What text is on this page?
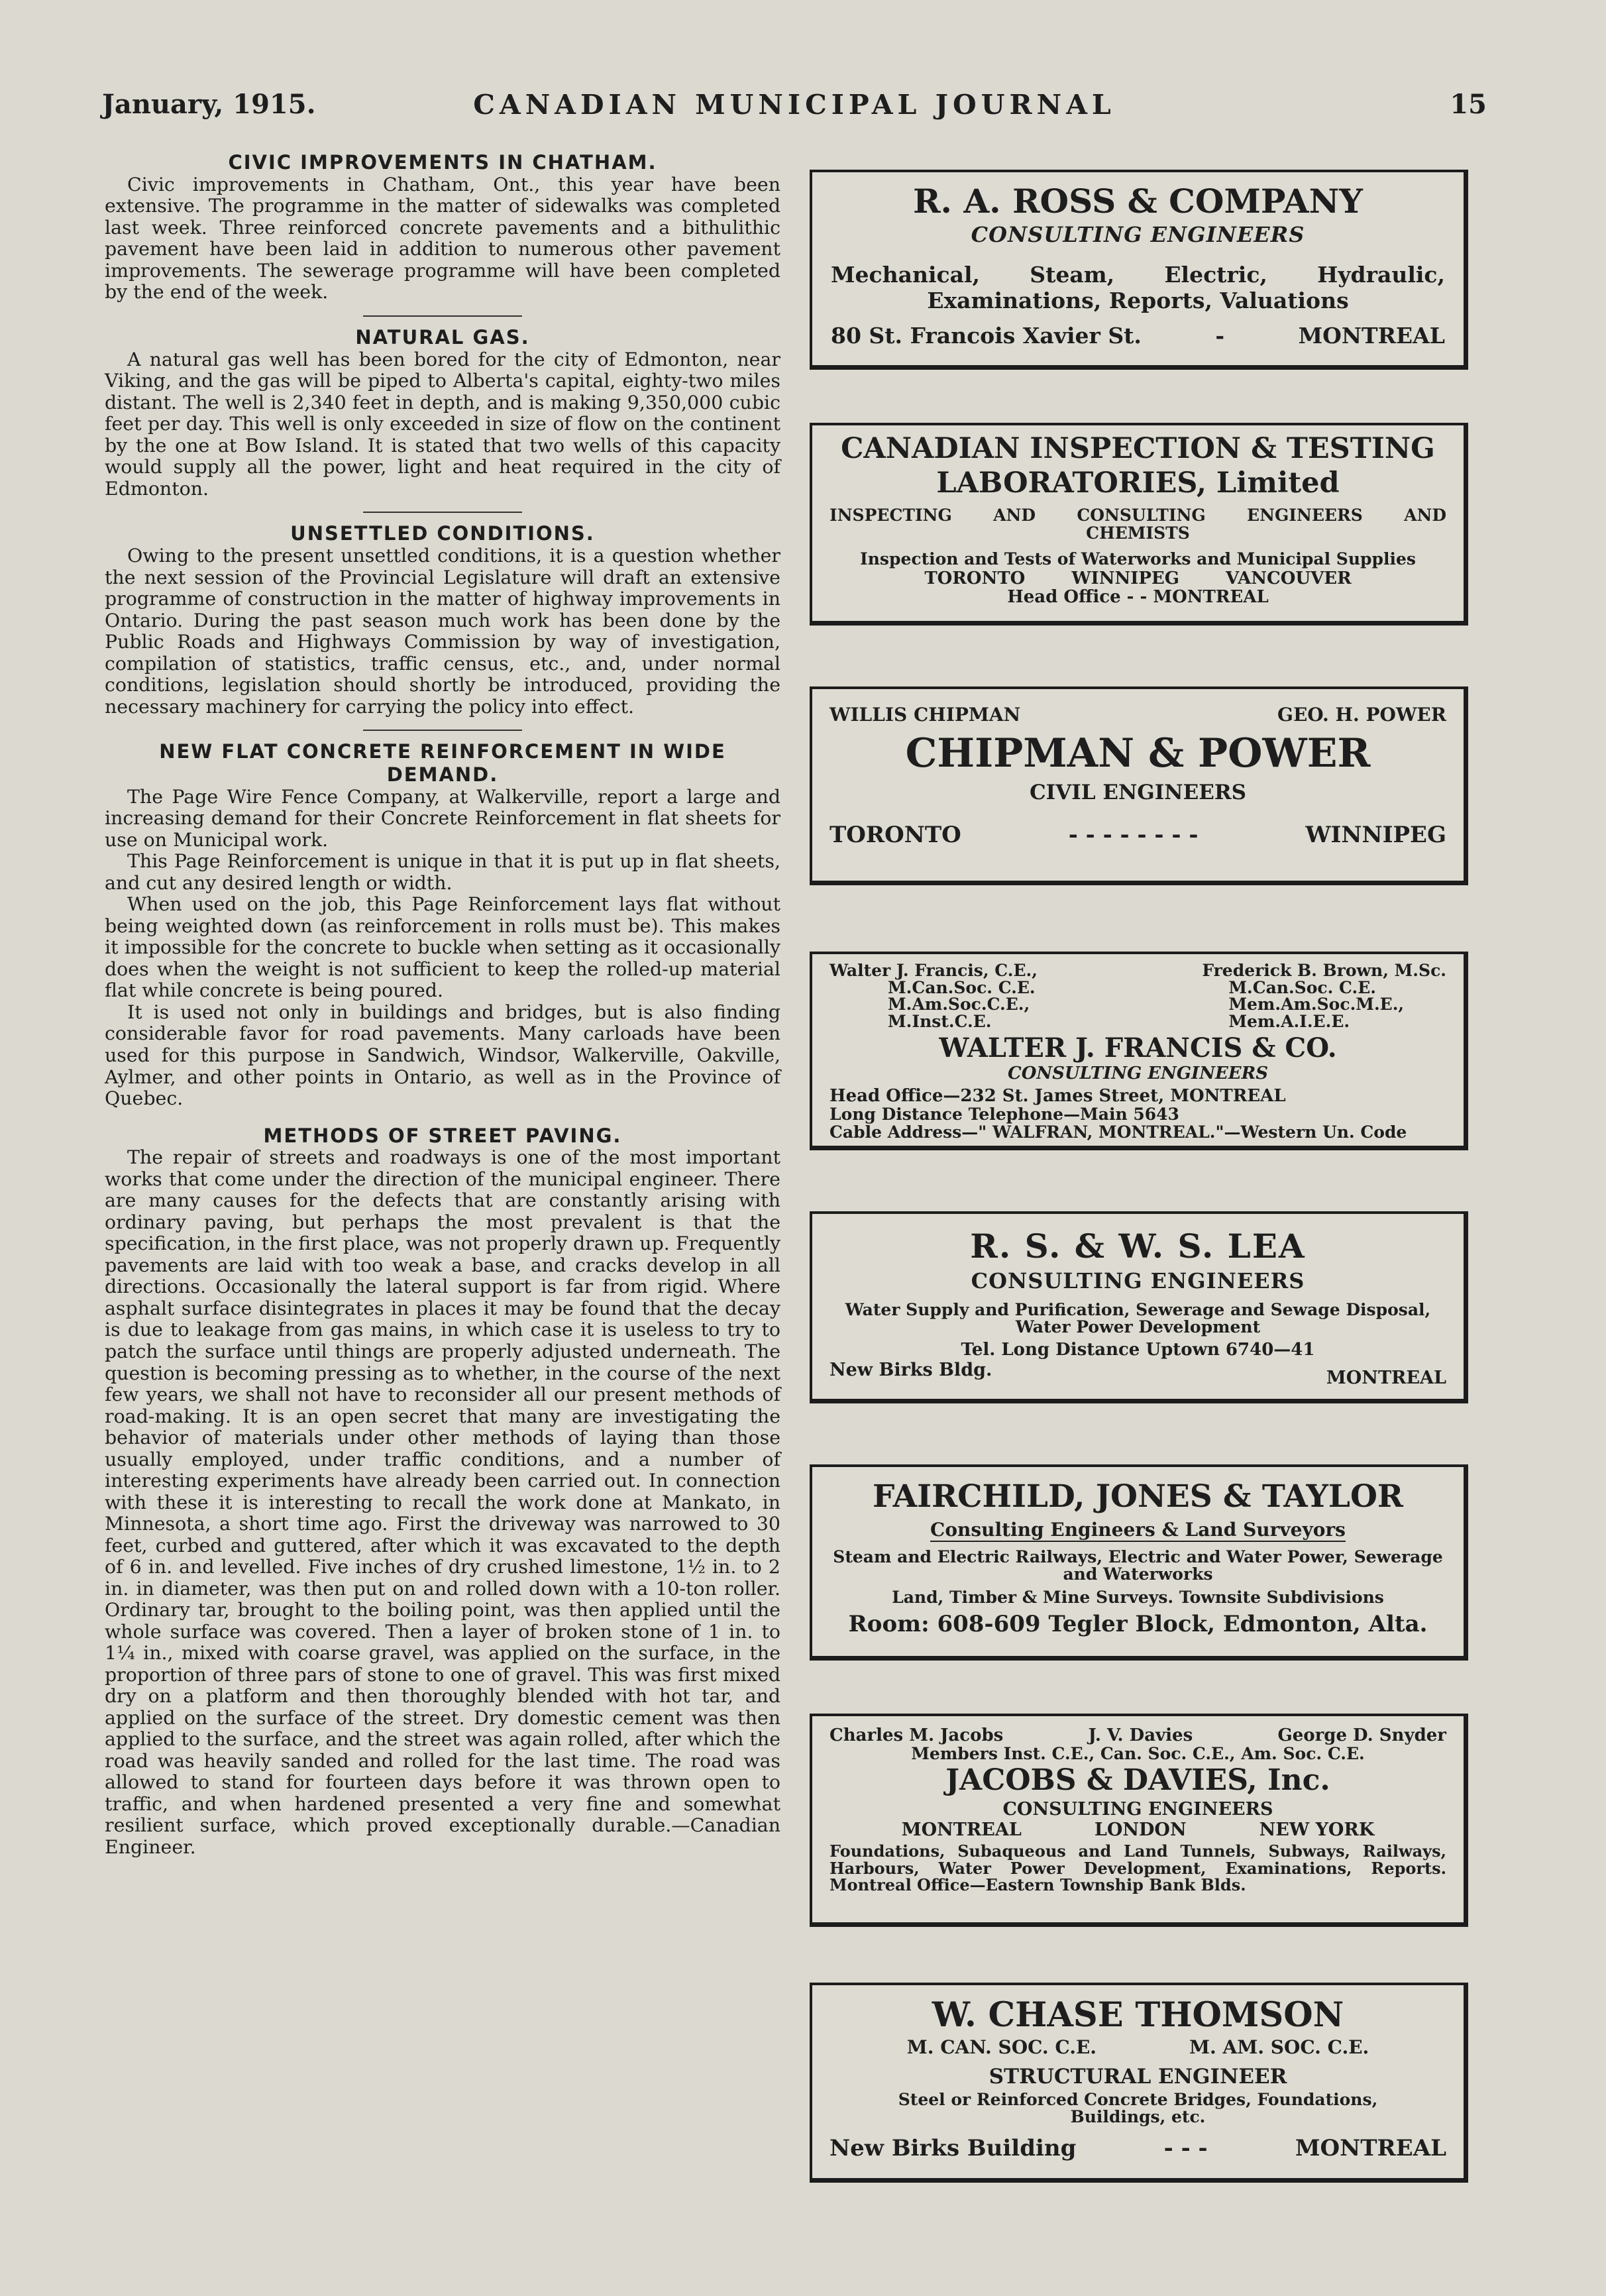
January, 1915.	CANADIAN MUNICIPAL JOURNAL	15
CIVIC IMPROVEMENTS IN CHATHAM.

Civic improvements in Chatham, Ont., this year have been extensive. The programme in the matter of sidewalks was completed last week. Three reinforced concrete pavements and a bithulithic pavement have been laid in addition to numerous other pavement improvements. The sewerage programme will have been completed by the end of the week.

NATURAL GAS.

A natural gas well has been bored for the city of Edmonton, near Viking, and the gas will be piped to Alberta's capital, eighty-two miles distant. The well is 2,340 feet in depth, and is making 9,350,000 cubic feet per day. This well is only exceeded in size of flow on the continent by the one at Bow Island. It is stated that two wells of this capacity would supply all the power, light and heat required in the city of Edmonton.

UNSETTLED CONDITIONS.

Owing to the present unsettled conditions, it is a question whether the next session of the Provincial Legislature will draft an extensive programme of construction in the matter of highway improvements in Ontario. During the past season much work has been done by the Public Roads and Highways Commission by way of investigation, compilation of statistics, traffic census, etc., and, under normal conditions, legislation should shortly be introduced, providing the necessary machinery for carrying the policy into effect.

NEW FLAT CONCRETE REINFORCEMENT IN WIDE DEMAND.

The Page Wire Fence Company, at Walkerville, report a large and increasing demand for their Concrete Reinforcement in flat sheets for use on Municipal work.

This Page Reinforcement is unique in that it is put up in flat sheets, and cut any desired length or width.

When used on the job, this Page Reinforcement lays flat without being weighted down (as reinforcement in rolls must be). This makes it impossible for the concrete to buckle when setting as it occasionally does when the weight is not sufficient to keep the rolled-up material flat while concrete is being poured.

It is used not only in buildings and bridges, but is also finding considerable favor for road pavements. Many carloads have been used for this purpose in Sandwich, Windsor, Walkerville, Oakville, Aylmer, and other points in Ontario, as well as in the Province of Quebec.

METHODS OF STREET PAVING.

The repair of streets and roadways is one of the most important works that come under the direction of the municipal engineer. There are many causes for the defects that are constantly arising with ordinary paving, but perhaps the most prevalent is that the specification, in the first place, was not properly drawn up. Frequently pavements are laid with too weak a base, and cracks develop in all directions. Occasionally the lateral support is far from rigid. Where asphalt surface disintegrates in places it may be found that the decay is due to leakage from gas mains, in which case it is useless to try to patch the surface until things are properly adjusted underneath. The question is becoming pressing as to whether, in the course of the next few years, we shall not have to reconsider all our present methods of road-making. It is an open secret that many are investigating the behavior of materials under other methods of laying than those usually employed, under traffic conditions, and a number of interesting experiments have already been carried out. In connection with these it is interesting to recall the work done at Mankato, in Minnesota, a short time ago. First the driveway was narrowed to 30 feet, curbed and guttered, after which it was excavated to the depth of 6 in. and levelled. Five inches of dry crushed limestone, 1½ in. to 2 in. in diameter, was then put on and rolled down with a 10-ton roller. Ordinary tar, brought to the boiling point, was then applied until the whole surface was covered. Then a layer of broken stone of 1 in. to 1¼ in., mixed with coarse gravel, was applied on the surface, in the proportion of three pars of stone to one of gravel. This was first mixed dry on a platform and then thoroughly blended with hot tar, and applied on the surface of the street. Dry domestic cement was then applied to the surface, and the street was again rolled, after which the road was heavily sanded and rolled for the last time. The road was allowed to stand for fourteen days before it was thrown open to traffic, and when hardened presented a very fine and somewhat resilient surface, which proved exceptionally durable.—Canadian Engineer.

R. A. ROSS & COMPANY
CONSULTING ENGINEERS
Mechanical, Steam, Electric, Hydraulic,
Examinations, Reports, Valuations
80 St. Francois Xavier St.	-	MONTREAL
CANADIAN INSPECTION & TESTING
LABORATORIES, Limited
INSPECTING AND CONSULTING ENGINEERS AND
CHEMISTS
Inspection and Tests of Waterworks and Municipal Supplies
TORONTO	WINNIPEG	VANCOUVER
Head Office - - MONTREAL
WILLIS CHIPMAN	GEO. H. POWER
CHIPMAN & POWER
CIVIL ENGINEERS
TORONTO	- - - - - - - -	WINNIPEG
Walter J. Francis, C.E.,
M.Can.Soc. C.E.
M.Am.Soc.C.E.,
M.Inst.C.E.
Frederick B. Brown, M.Sc.
M.Can.Soc. C.E.
Mem.Am.Soc.M.E.,
Mem.A.I.E.E.
WALTER J. FRANCIS & CO.
CONSULTING ENGINEERS
Head Office—232 St. James Street, MONTREAL
Long Distance Telephone—Main 5643
Cable Address—" WALFRAN, MONTREAL."—Western Un. Code
R. S. & W. S. LEA
CONSULTING ENGINEERS
Water Supply and Purification, Sewerage and Sewage Disposal, Water Power Development
Tel. Long Distance Uptown 6740—41
New Birks Bldg.	MONTREAL
FAIRCHILD, JONES & TAYLOR
Consulting Engineers & Land Surveyors
Steam and Electric Railways, Electric and Water Power, Sewerage and Waterworks
Land, Timber & Mine Surveys. Townsite Subdivisions
Room: 608-609 Tegler Block, Edmonton, Alta.
Charles M. Jacobs	J. V. Davies	George D. Snyder
Members Inst. C.E., Can. Soc. C.E., Am. Soc. C.E.
JACOBS & DAVIES, Inc.
CONSULTING ENGINEERS
MONTREAL	LONDON	NEW YORK
Foundations, Subaqueous and Land Tunnels, Subways, Railways, Harbours, Water Power Development, Examinations, Reports. Montreal Office—Eastern Township Bank Blds.
W. CHASE THOMSON
M. CAN. SOC. C.E.	M. AM. SOC. C.E.
STRUCTURAL ENGINEER
Steel or Reinforced Concrete Bridges, Foundations, Buildings, etc.
New Birks Building	- - -	MONTREAL
